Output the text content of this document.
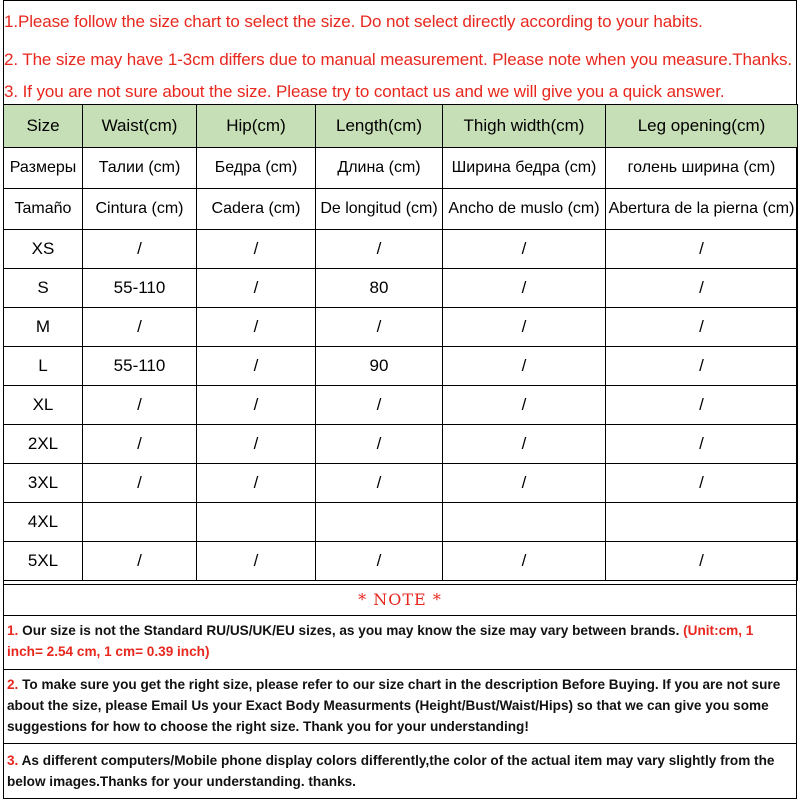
1.Please follow the size chart to select the size. Do not select directly according to your habits.
2. The size may have 1-3cm differs due to manual measurement. Please note when you measure.Thanks.
3. If you are not sure about the size. Please try to contact us and we will give you a quick answer.
Size	Waist(cm)	Hip(cm)	Length(cm)	Thigh width(cm)	Leg opening(cm)
Размеры	Талии (cm)	Бедра (cm)	Длина (cm)	Ширина бедра (cm)	голень ширина (cm)
Tamaño	Cintura (cm)	Cadera (cm)	De longitud (cm)	Ancho de muslo (cm)	Abertura de la pierna (cm)
XS	/	/	/	/	/
S	55-110	/	80	/	/
M	/	/	/	/	/
L	55-110	/	90	/	/
XL	/	/	/	/	/
2XL	/	/	/	/	/
3XL	/	/	/	/	/
4XL					
5XL	/	/	/	/	/
* NOTE *
1. Our size is not the Standard RU/US/UK/EU sizes, as you may know the size may vary between brands. (Unit:cm, 1 inch= 2.54 cm, 1 cm= 0.39 inch)
2. To make sure you get the right size, please refer to our size chart in the description Before Buying. If you are not sure about the size, please Email Us your Exact Body Measurments (Height/Bust/Waist/Hips) so that we can give you some suggestions for how to choose the right size. Thank you for your understanding!
3. As different computers/Mobile phone display colors differently,the color of the actual item may vary slightly from the below images.Thanks for your understanding. thanks.
